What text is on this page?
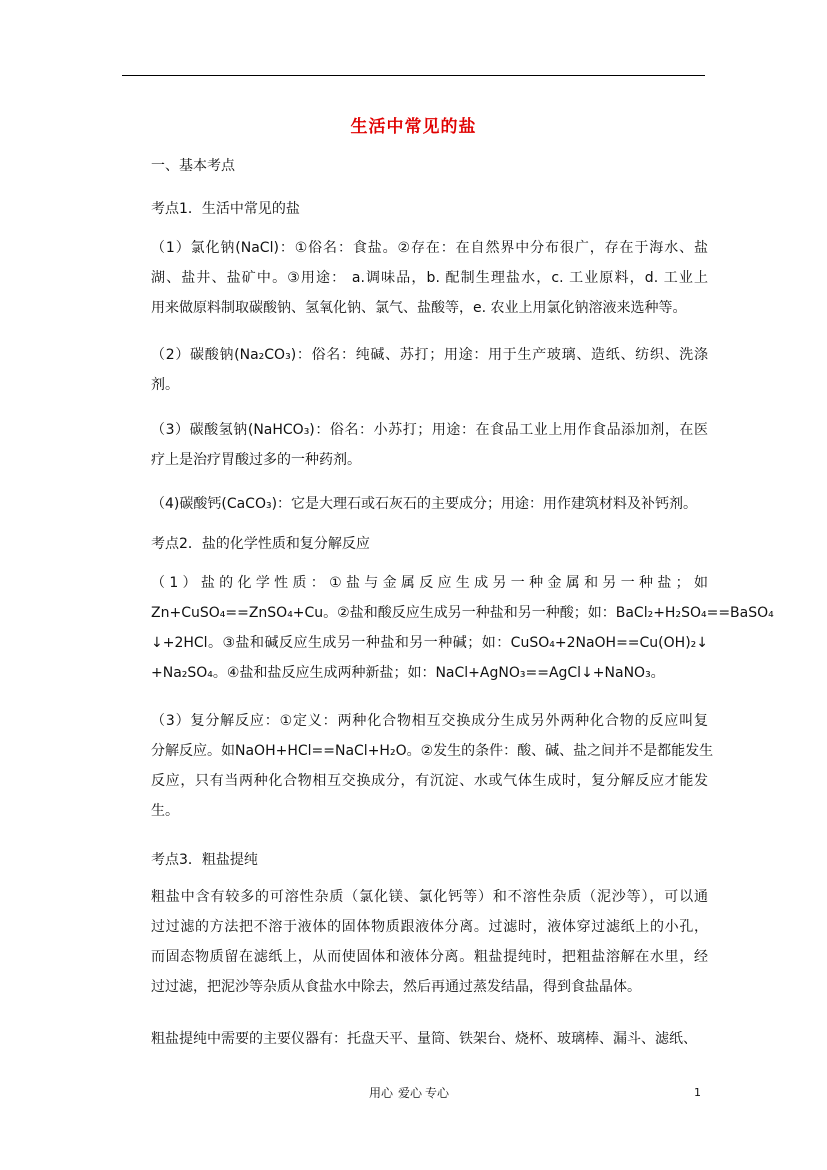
生活中常见的盐

一、基本考点

考点1．生活中常见的盐

（1）氯化钠(NaCl)：①俗名：食盐。②存在：在自然界中分布很广，存在于海水、盐
湖、盐井、盐矿中。③用途： a.调味品，b. 配制生理盐水，c. 工业原料，d. 工业上
用来做原料制取碳酸钠、氢氧化钠、氯气、盐酸等，e. 农业上用氯化钠溶液来选种等。
（2）碳酸钠(Na₂CO₃)：俗名：纯碱、苏打；用途：用于生产玻璃、造纸、纺织、洗涤
剂。
（3）碳酸氢钠(NaHCO₃)：俗名：小苏打；用途：在食品工业上用作食品添加剂，在医
疗上是治疗胃酸过多的一种药剂。
（4)碳酸钙(CaCO₃)：它是大理石或石灰石的主要成分；用途：用作建筑材料及补钙剂。

考点2．盐的化学性质和复分解反应

（1）盐的化学性质：①盐与金属反应生成另一种金属和另一种盐；如
Zn+CuSO₄==ZnSO₄+Cu。②盐和酸反应生成另一种盐和另一种酸；如：BaCl₂+H₂SO₄==BaSO₄
↓+2HCl。③盐和碱反应生成另一种盐和另一种碱；如：CuSO₄+2NaOH==Cu(OH)₂↓
+Na₂SO₄。④盐和盐反应生成两种新盐；如：NaCl+AgNO₃==AgCl↓+NaNO₃。
（3）复分解反应：①定义：两种化合物相互交换成分生成另外两种化合物的反应叫复
分解反应。如NaOH+HCl==NaCl+H₂O。②发生的条件：酸、碱、盐之间并不是都能发生
反应，只有当两种化合物相互交换成分，有沉淀、水或气体生成时，复分解反应才能发
生。

考点3．粗盐提纯

粗盐中含有较多的可溶性杂质（氯化镁、氯化钙等）和不溶性杂质（泥沙等），可以通
过过滤的方法把不溶于液体的固体物质跟液体分离。过滤时，液体穿过滤纸上的小孔，
而固态物质留在滤纸上，从而使固体和液体分离。粗盐提纯时，把粗盐溶解在水里，经
过过滤，把泥沙等杂质从食盐水中除去，然后再通过蒸发结晶，得到食盐晶体。
粗盐提纯中需要的主要仪器有：托盘天平、量筒、铁架台、烧杯、玻璃棒、漏斗、滤纸、
用心 爱心 专心	1
